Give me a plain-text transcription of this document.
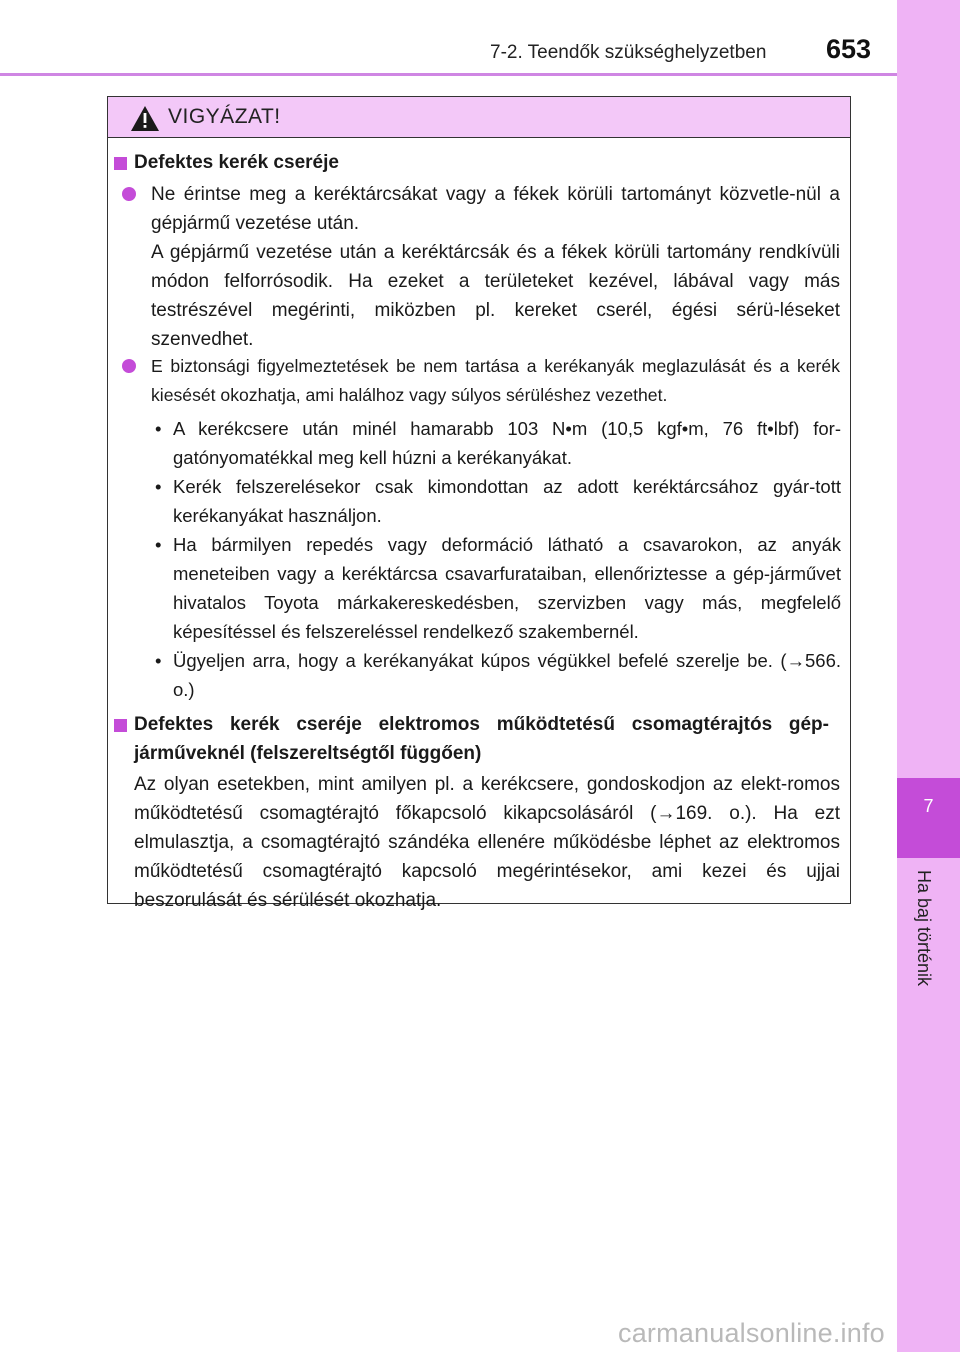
7-2. Teendők szükséghelyzetben 653
7
Ha baj történik
VIGYÁZAT!
Defektes kerék cseréje
Ne érintse meg a keréktárcsákat vagy a fékek körüli tartományt közvetle-nül a gépjármű vezetése után.
A gépjármű vezetése után a keréktárcsák és a fékek körüli tartomány rendkívüli módon felforrósodik. Ha ezeket a területeket kezével, lábával vagy más testrészével megérinti, miközben pl. kereket cserél, égési sérü-léseket szenvedhet.
E biztonsági figyelmeztetések be nem tartása a kerékanyák meglazulását és a kerék kiesését okozhatja, ami halálhoz vagy súlyos sérüléshez vezethet.
• A kerékcsere után minél hamarabb 103 N•m (10,5 kgf•m, 76 ft•lbf) for-gatónyomatékkal meg kell húzni a kerékanyákat.
• Kerék felszerelésekor csak kimondottan az adott keréktárcsához gyár-tott kerékanyákat használjon.
• Ha bármilyen repedés vagy deformáció látható a csavarokon, az anyák meneteiben vagy a keréktárcsa csavarfurataiban, ellenőriztesse a gép-járművet hivatalos Toyota márkakereskedésben, szervizben vagy más, megfelelő képesítéssel és felszereléssel rendelkező szakembernél.
• Ügyeljen arra, hogy a kerékanyákat kúpos végükkel befelé szerelje be. (→566. o.)
Defektes kerék cseréje elektromos működtetésű csomagtérajtós gép-járműveknél (felszereltségtől függően)
Az olyan esetekben, mint amilyen pl. a kerékcsere, gondoskodjon az elekt-romos működtetésű csomagtérajtó főkapcsoló kikapcsolásáról (→169. o.). Ha ezt elmulasztja, a csomagtérajtó szándéka ellenére működésbe léphet az elektromos működtetésű csomagtérajtó kapcsoló megérintésekor, ami kezei és ujjai beszorulását és sérülését okozhatja.
carmanualsonline.info
